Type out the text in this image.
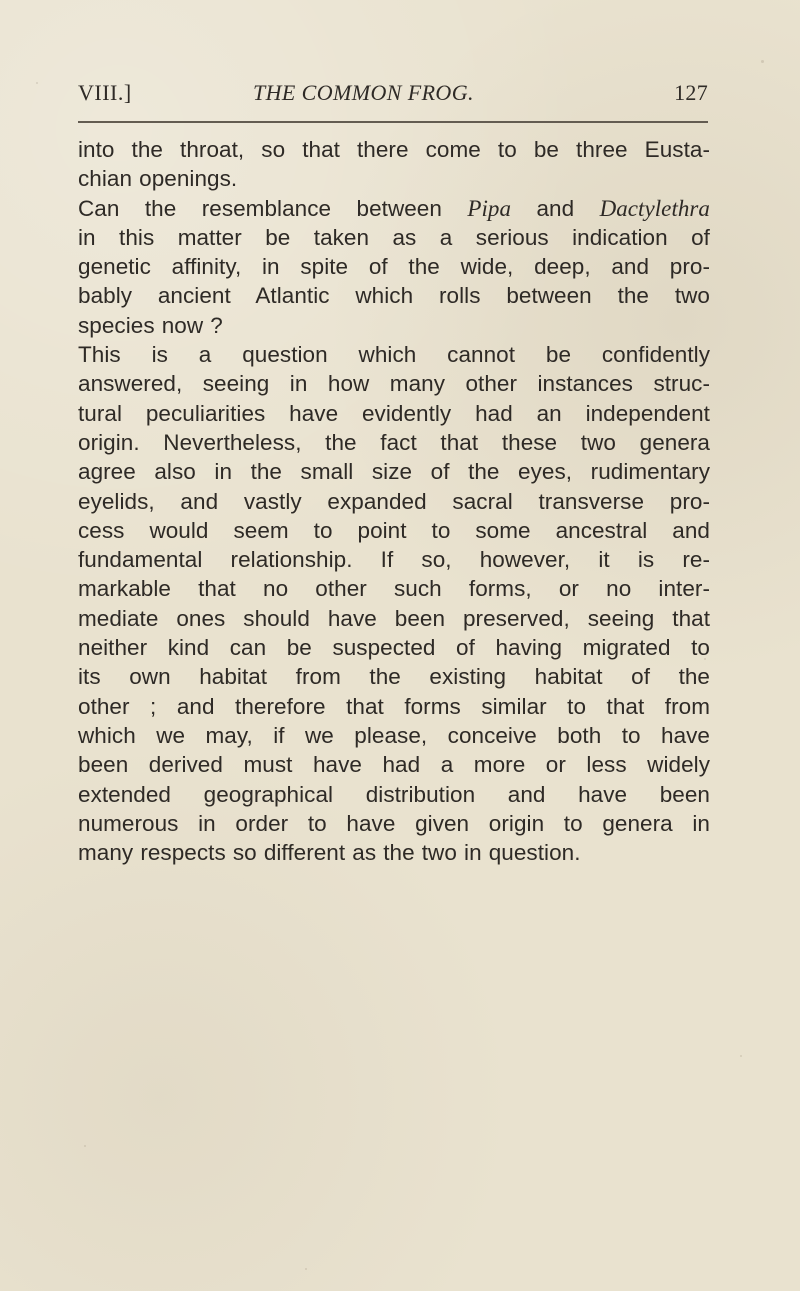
VIII.]	THE COMMON FROG.	127
into the throat, so that there come to be three Eusta-
chian openings.
Can the resemblance between Pipa and Dactylethra
in this matter be taken as a serious indication of
genetic affinity, in spite of the wide, deep, and pro-
bably ancient Atlantic which rolls between the two
species now ?
This is a question which cannot be confidently
answered, seeing in how many other instances struc-
tural peculiarities have evidently had an independent
origin. Nevertheless, the fact that these two genera
agree also in the small size of the eyes, rudimentary
eyelids, and vastly expanded sacral transverse pro-
cess would seem to point to some ancestral and
fundamental relationship. If so, however, it is re-
markable that no other such forms, or no inter-
mediate ones should have been preserved, seeing that
neither kind can be suspected of having migrated to
its own habitat from the existing habitat of the
other ; and therefore that forms similar to that from
which we may, if we please, conceive both to have
been derived must have had a more or less widely
extended geographical distribution and have been
numerous in order to have given origin to genera in
many respects so different as the two in question.
